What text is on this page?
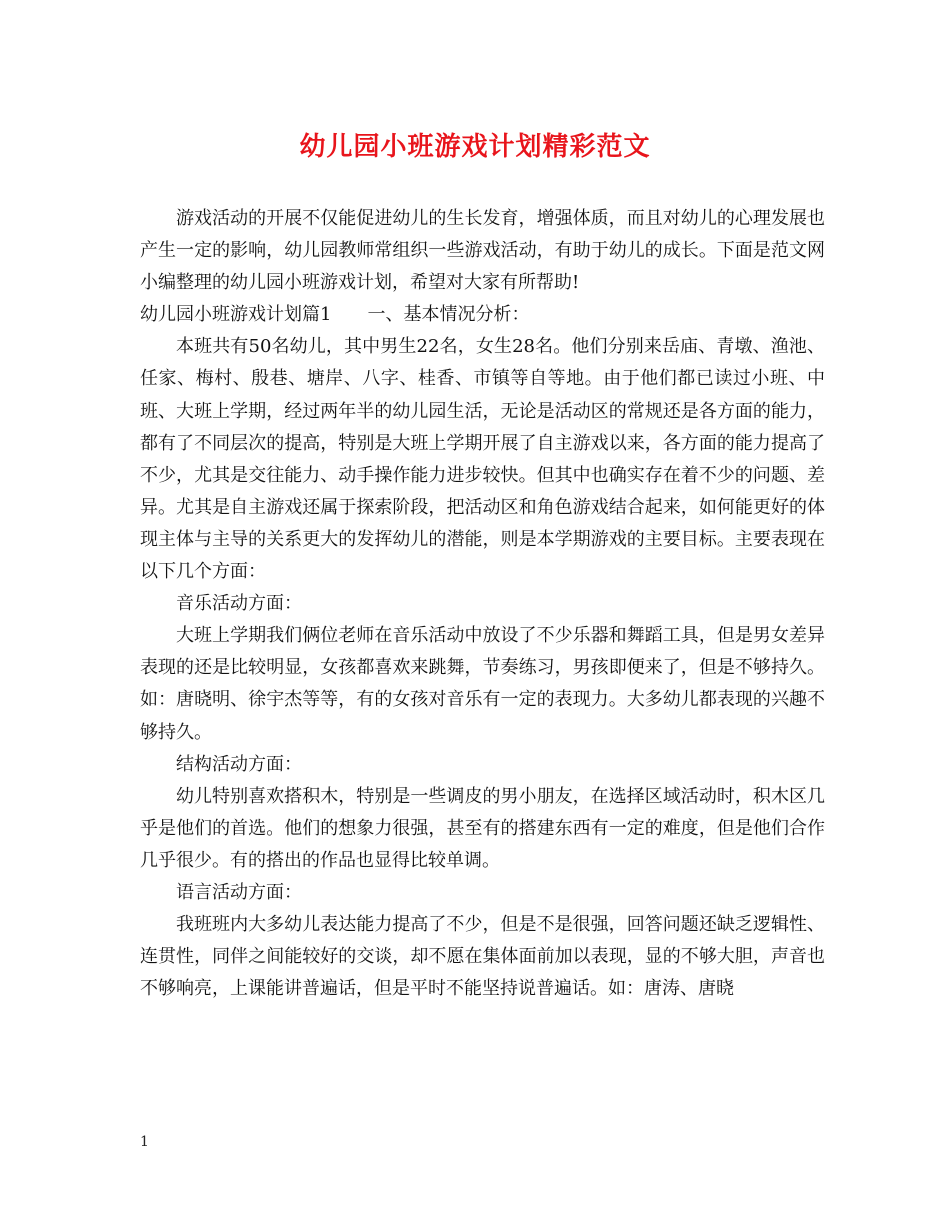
幼儿园小班游戏计划精彩范文

游戏活动的开展不仅能促进幼儿的生长发育，增强体质，而且对幼儿的心理发展也产生一定的影响，幼儿园教师常组织一些游戏活动，有助于幼儿的成长。下面是范文网小编整理的幼儿园小班游戏计划，希望对大家有所帮助!

幼儿园小班游戏计划篇1　　一、基本情况分析：

本班共有50名幼儿，其中男生22名，女生28名。他们分别来岳庙、青墩、渔池、任家、梅村、殷巷、塘岸、八字、桂香、市镇等自等地。由于他们都已读过小班、中班、大班上学期，经过两年半的幼儿园生活，无论是活动区的常规还是各方面的能力，都有了不同层次的提高，特别是大班上学期开展了自主游戏以来，各方面的能力提高了不少，尤其是交往能力、动手操作能力进步较快。但其中也确实存在着不少的问题、差异。尤其是自主游戏还属于探索阶段，把活动区和角色游戏结合起来，如何能更好的体现主体与主导的关系更大的发挥幼儿的潜能，则是本学期游戏的主要目标。主要表现在以下几个方面：

音乐活动方面：

大班上学期我们俩位老师在音乐活动中放设了不少乐器和舞蹈工具，但是男女差异表现的还是比较明显，女孩都喜欢来跳舞，节奏练习，男孩即便来了，但是不够持久。如：唐晓明、徐宇杰等等，有的女孩对音乐有一定的表现力。大多幼儿都表现的兴趣不够持久。

结构活动方面：

幼儿特别喜欢搭积木，特别是一些调皮的男小朋友，在选择区域活动时，积木区几乎是他们的首选。他们的想象力很强，甚至有的搭建东西有一定的难度，但是他们合作几乎很少。有的搭出的作品也显得比较单调。

语言活动方面：

我班班内大多幼儿表达能力提高了不少，但是不是很强，回答问题还缺乏逻辑性、连贯性，同伴之间能较好的交谈，却不愿在集体面前加以表现，显的不够大胆，声音也不够响亮，上课能讲普遍话，但是平时不能坚持说普遍话。如：唐涛、唐晓

1
